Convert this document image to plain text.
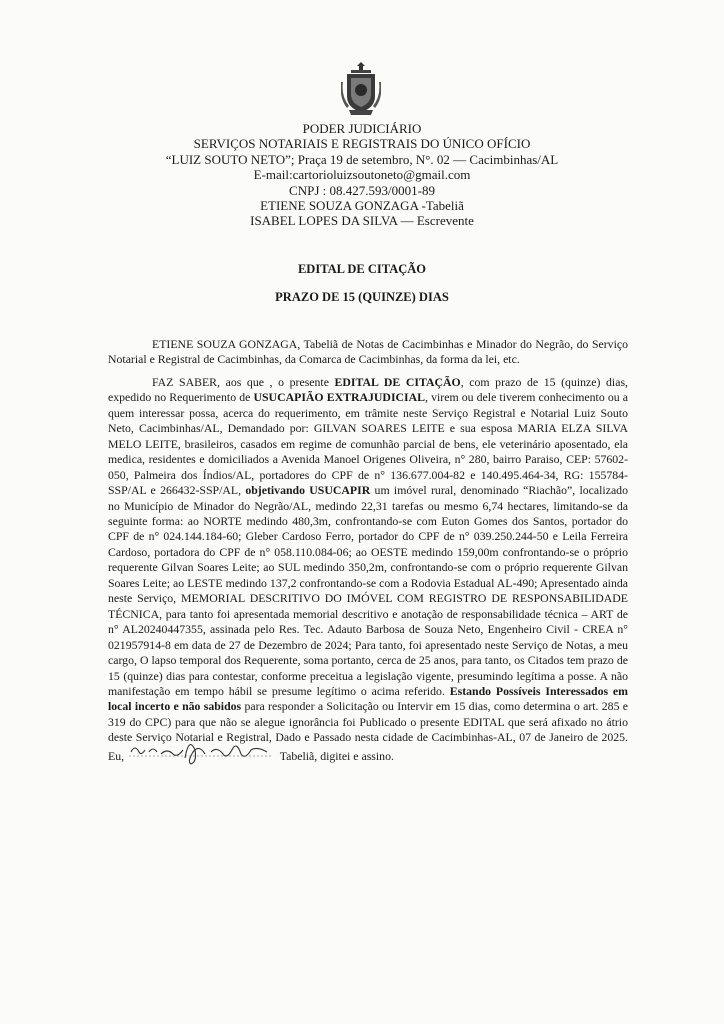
PODER JUDICIÁRIO
SERVIÇOS NOTARIAIS E REGISTRAIS DO ÚNICO OFÍCIO
“LUIZ SOUTO NETO”; Praça 19 de setembro, N°. 02 — Cacimbinhas/AL
E-mail:cartorioluizsoutoneto@gmail.com
CNPJ : 08.427.593/0001-89
ETIENE SOUZA GONZAGA -Tabeliã
ISABEL LOPES DA SILVA — Escrevente
EDITAL DE CITAÇÃO
PRAZO DE 15 (QUINZE) DIAS

ETIENE SOUZA GONZAGA, Tabeliã de Notas de Cacimbinhas e Minador do Negrão, do Serviço Notarial e Registral de Cacimbinhas, da Comarca de Cacimbinhas, da forma da lei, etc.

FAZ SABER, aos que , o presente EDITAL DE CITAÇÃO, com prazo de 15 (quinze) dias, expedido no Requerimento de USUCAPIÃO EXTRAJUDICIAL, virem ou dele tiverem conhecimento ou a quem interessar possa, acerca do requerimento, em trâmite neste Serviço Registral e Notarial Luiz Souto Neto, Cacimbinhas/AL, Demandado por: GILVAN SOARES LEITE e sua esposa MARIA ELZA SILVA MELO LEITE, brasileiros, casados em regime de comunhão parcial de bens, ele veterinário aposentado, ela medica, residentes e domiciliados a Avenida Manoel Origenes Oliveira, n° 280, bairro Paraiso, CEP: 57602-050, Palmeira dos Índios/AL, portadores do CPF de n° 136.677.004-82 e 140.495.464-34, RG: 155784-SSP/AL e 266432-SSP/AL, objetivando USUCAPIR um imóvel rural, denominado “Riachão”, localizado no Município de Minador do Negrão/AL, medindo 22,31 tarefas ou mesmo 6,74 hectares, limitando-se da seguinte forma: ao NORTE medindo 480,3m, confrontando-se com Euton Gomes dos Santos, portador do CPF de n° 024.144.184-60; Gleber Cardoso Ferro, portador do CPF de n° 039.250.244-50 e Leila Ferreira Cardoso, portadora do CPF de n° 058.110.084-06; ao OESTE medindo 159,00m confrontando-se o próprio requerente Gilvan Soares Leite; ao SUL medindo 350,2m, confrontando-se com o próprio requerente Gilvan Soares Leite; ao LESTE medindo 137,2 confrontando-se com a Rodovia Estadual AL-490; Apresentado ainda neste Serviço, MEMORIAL DESCRITIVO DO IMÓVEL COM REGISTRO DE RESPONSABILIDADE TÉCNICA, para tanto foi apresentada memorial descritivo e anotação de responsabilidade técnica – ART de n° AL20240447355, assinada pelo Res. Tec. Adauto Barbosa de Souza Neto, Engenheiro Civil - CREA n° 021957914-8 em data de 27 de Dezembro de 2024; Para tanto, foi apresentado neste Serviço de Notas, a meu cargo, O lapso temporal dos Requerente, soma portanto, cerca de 25 anos, para tanto, os Citados tem prazo de 15 (quinze) dias para contestar, conforme preceitua a legislação vigente, presumindo legítima a posse. A não manifestação em tempo hábil se presume legítimo o acima referido. Estando Possíveis Interessados em local incerto e não sabidos para responder a Solicitação ou Intervir em 15 dias, como determina o art. 285 e 319 do CPC) para que não se alegue ignorância foi Publicado o presente EDITAL que será afixado no átrio deste Serviço Notarial e Registral, Dado e Passado nesta cidade de Cacimbinhas-AL, 07 de Janeiro de 2025. Eu,	Tabeliã, digitei e assino.
